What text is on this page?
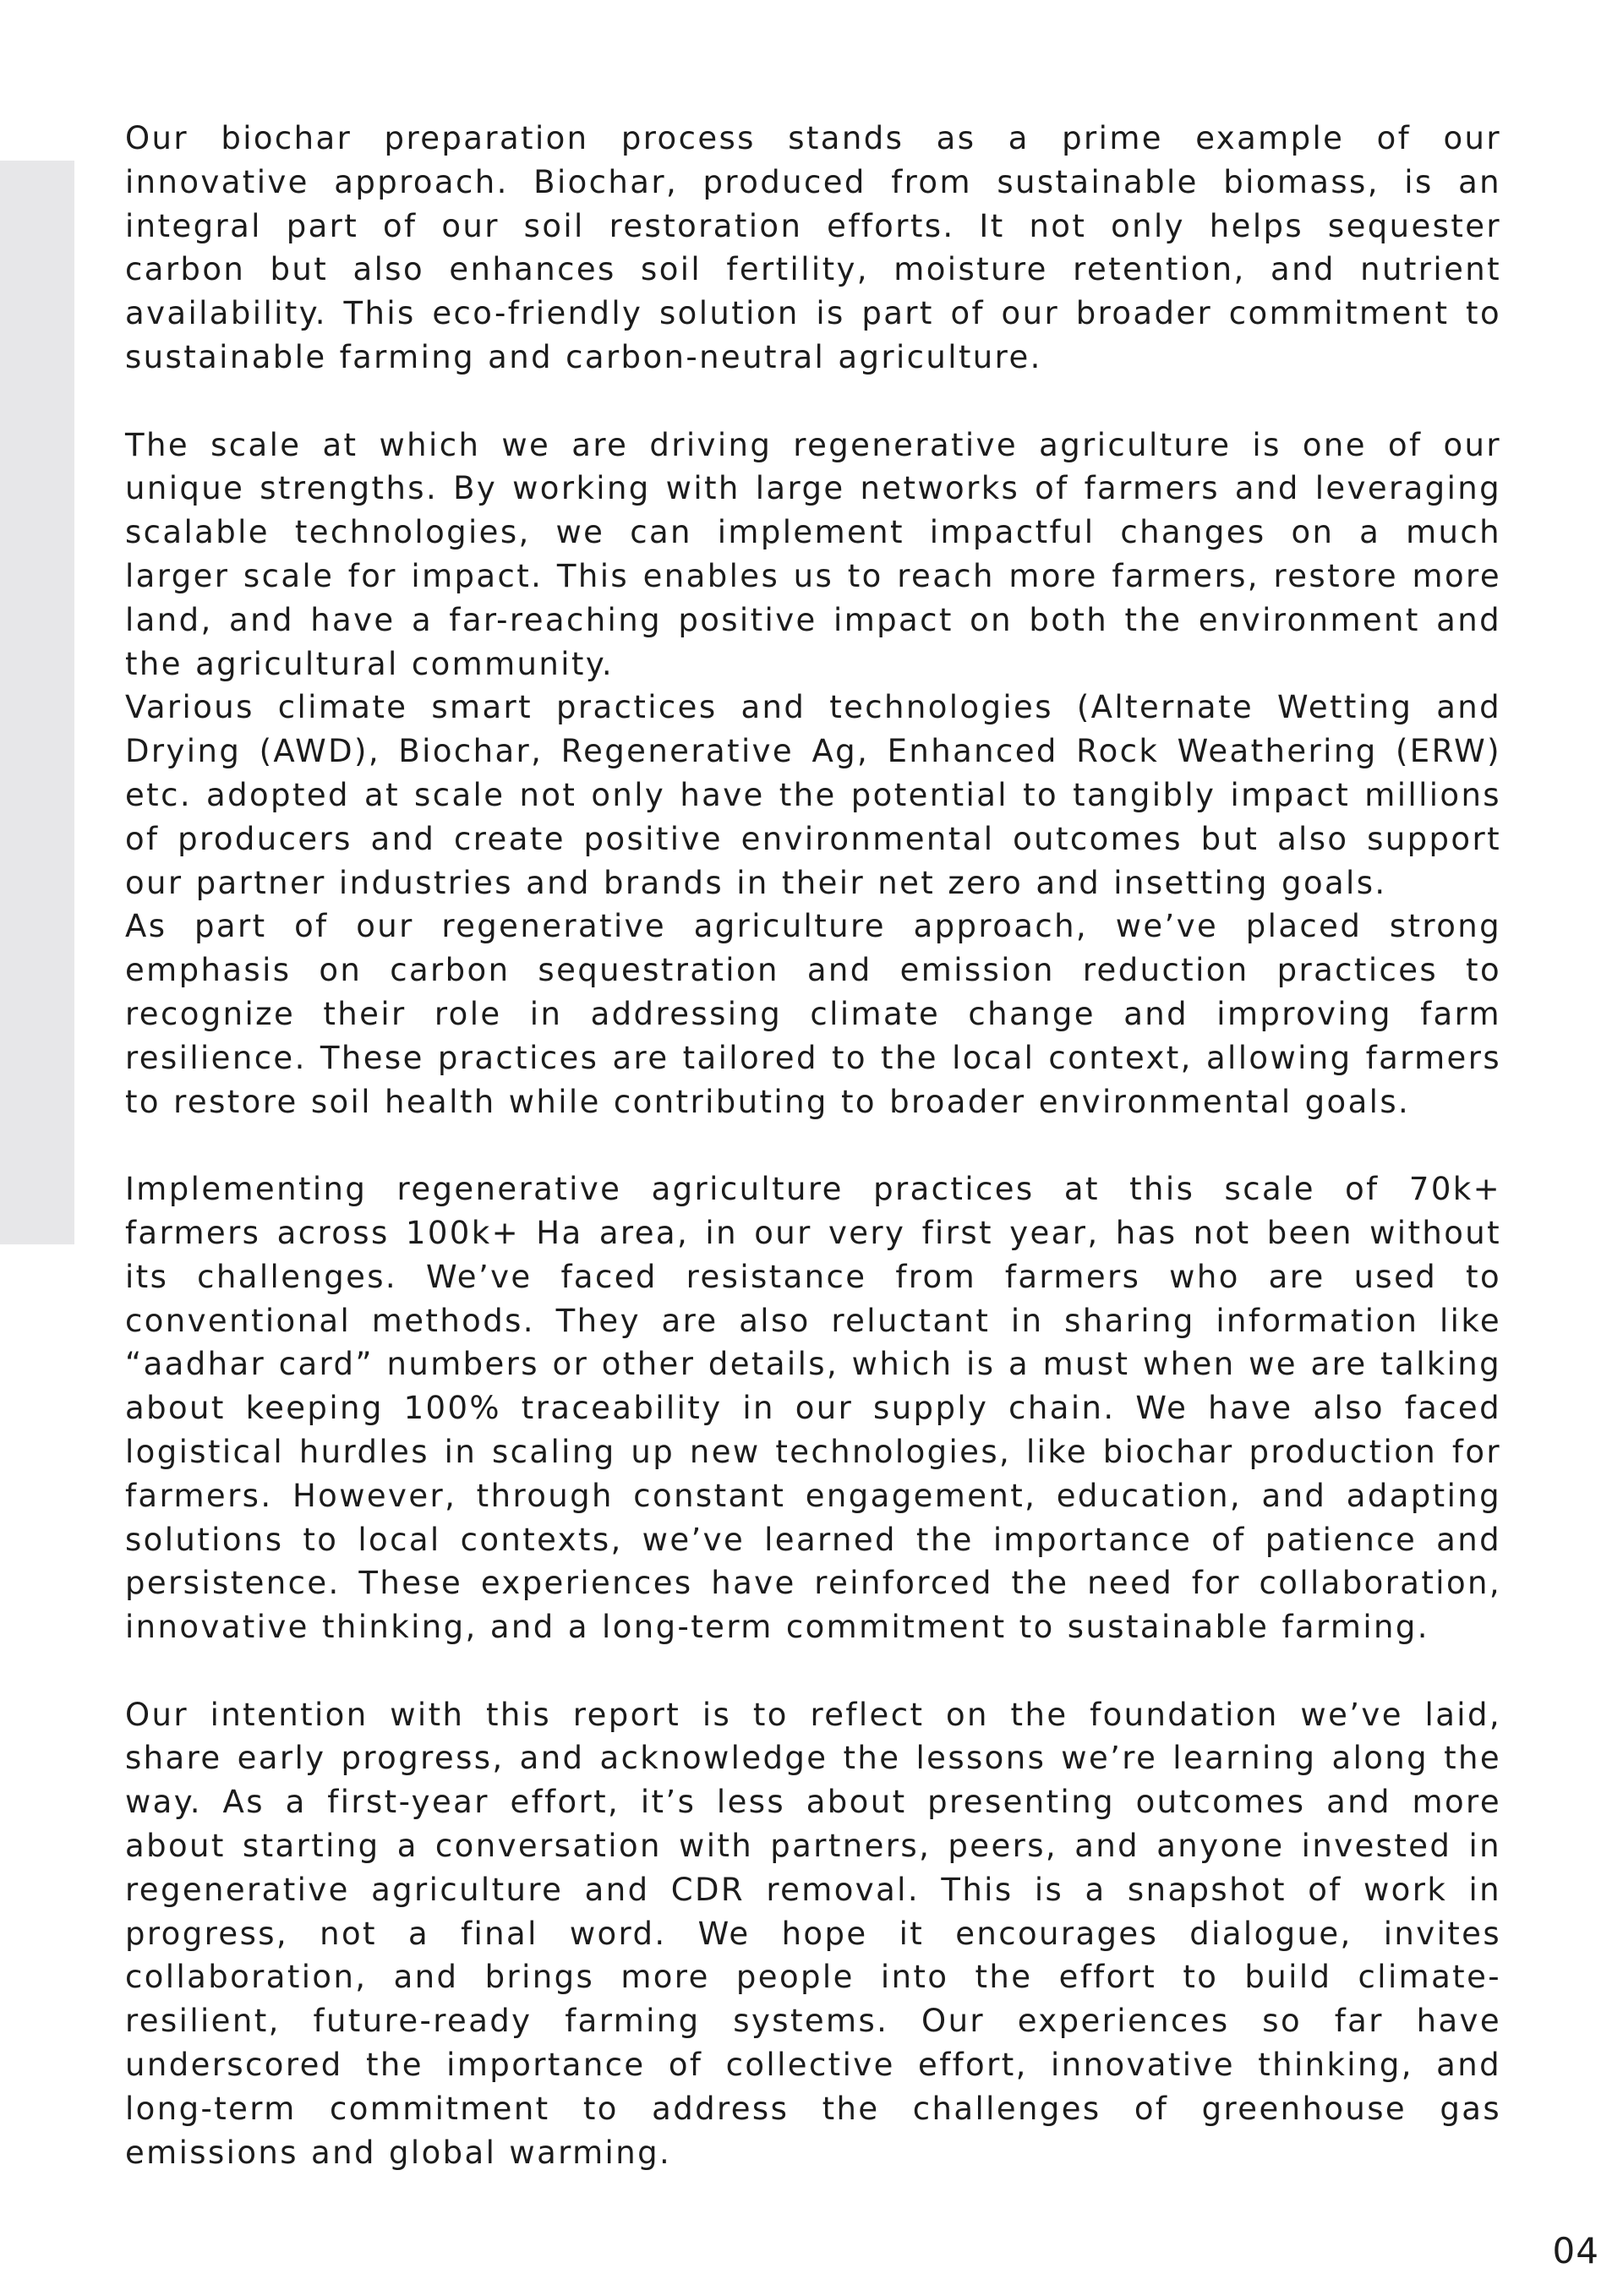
Our biochar preparation process stands as a prime example of our innovative approach. Biochar, produced from sustainable biomass, is an integral part of our soil restoration efforts. It not only helps sequester carbon but also enhances soil fertility, moisture retention, and nutrient availability. This eco-friendly solution is part of our broader commitment to sustainable farming and carbon-neutral agriculture.

The scale at which we are driving regenerative agriculture is one of our unique strengths. By working with large networks of farmers and leveraging scalable technologies, we can implement impactful changes on a much larger scale for impact. This enables us to reach more farmers, restore more land, and have a far-reaching positive impact on both the environment and the agricultural community.

Various climate smart practices and technologies (Alternate Wetting and Drying (AWD), Biochar, Regenerative Ag, Enhanced Rock Weathering (ERW) etc. adopted at scale not only have the potential to tangibly impact millions of producers and create positive environmental outcomes but also support our partner industries and brands in their net zero and insetting goals.

As part of our regenerative agriculture approach, we’ve placed strong emphasis on carbon sequestration and emission reduction practices to recognize their role in addressing climate change and improving farm resilience. These practices are tailored to the local context, allowing farmers to restore soil health while contributing to broader environmental goals.

Implementing regenerative agriculture practices at this scale of 70k+ farmers across 100k+ Ha area, in our very first year, has not been without its challenges. We’ve faced resistance from farmers who are used to conventional methods. They are also reluctant in sharing information like “aadhar card” numbers or other details, which is a must when we are talking about keeping 100% traceability in our supply chain. We have also faced logistical hurdles in scaling up new technologies, like biochar production for farmers. However, through constant engagement, education, and adapting solutions to local contexts, we’ve learned the importance of patience and persistence. These experiences have reinforced the need for collaboration, innovative thinking, and a long-term commitment to sustainable farming.

Our intention with this report is to reflect on the foundation we’ve laid, share early progress, and acknowledge the lessons we’re learning along the way. As a first-year effort, it’s less about presenting outcomes and more about starting a conversation with partners, peers, and anyone invested in regenerative agriculture and CDR removal. This is a snapshot of work in progress, not a final word. We hope it encourages dialogue, invites collaboration, and brings more people into the effort to build climate-resilient, future-ready farming systems. Our experiences so far have underscored the importance of collective effort, innovative thinking, and long-term commitment to address the challenges of greenhouse gas emissions and global warming.

04
